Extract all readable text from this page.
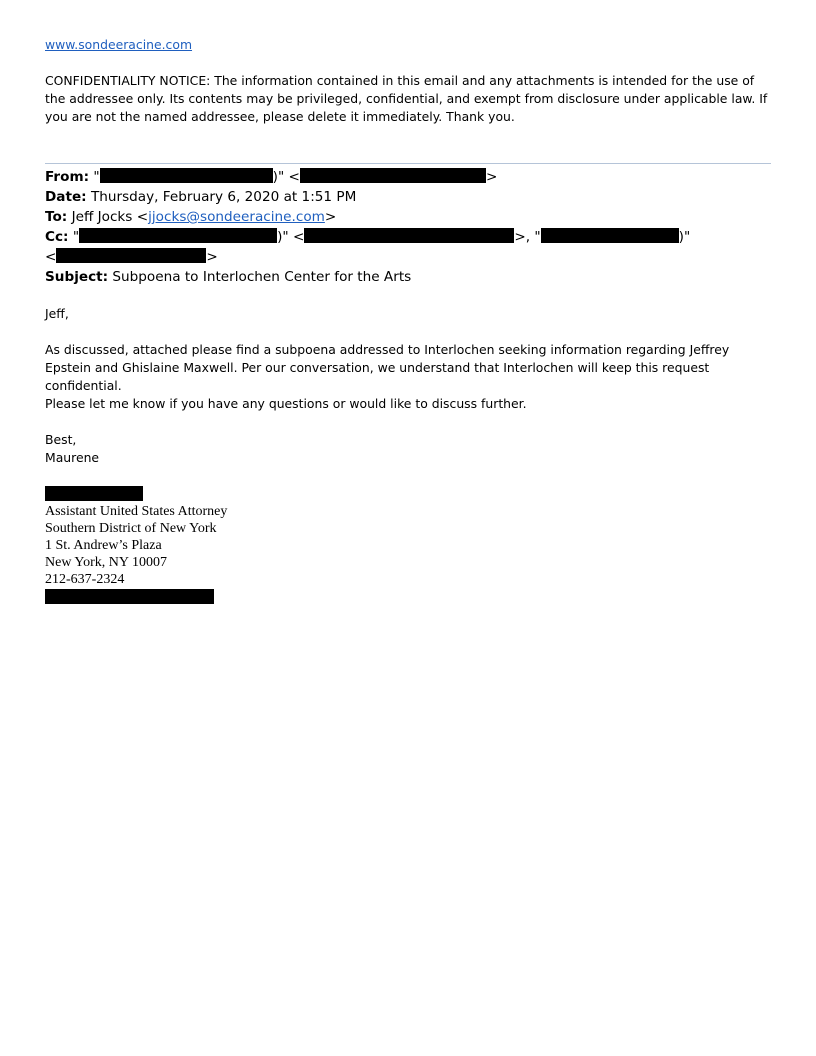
www.sondeeracine.com
CONFIDENTIALITY NOTICE: The information contained in this email and any attachments is intended for the use of the addressee only. Its contents may be privileged, confidential, and exempt from disclosure under applicable law. If you are not the named addressee, please delete it immediately. Thank you.
From: "	)" <	>
Date: Thursday, February 6, 2020 at 1:51 PM
To: Jeff Jocks <jjocks@sondeeracine.com>
Cc: "	)" <	>, "	)"
<	>
Subject: Subpoena to Interlochen Center for the Arts
Jeff,
As discussed, attached please find a subpoena addressed to Interlochen seeking information regarding Jeffrey Epstein and Ghislaine Maxwell. Per our conversation, we understand that Interlochen will keep this request confidential.
Please let me know if you have any questions or would like to discuss further.
Best,
Maurene
Assistant United States Attorney
Southern District of New York
1 St. Andrew’s Plaza
New York, NY 10007
212-637-2324
